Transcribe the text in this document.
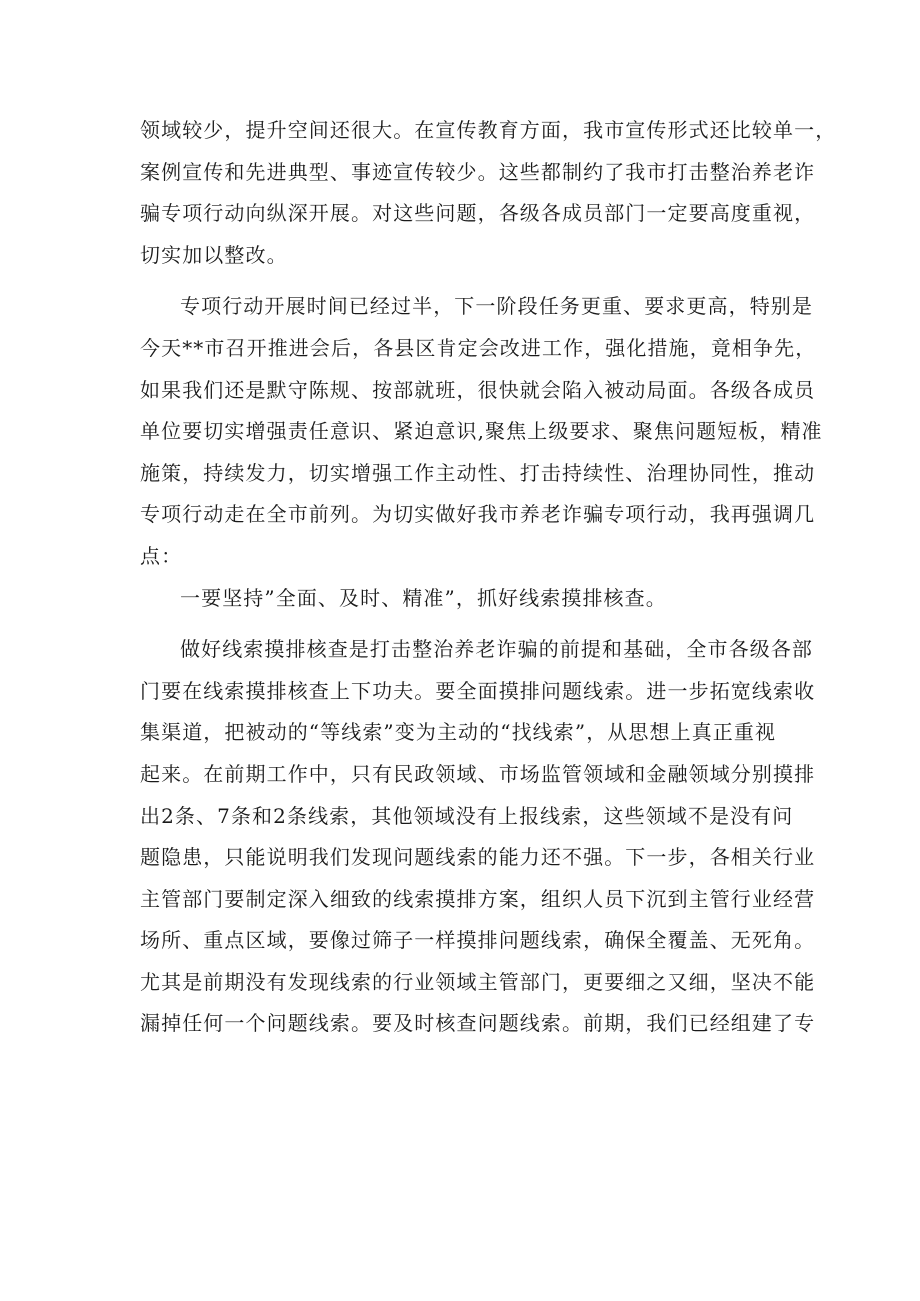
领域较少，提升空间还很大。在宣传教育方面，我市宣传形式还比较单一，
案例宣传和先进典型、事迹宣传较少。这些都制约了我市打击整治养老诈
骗专项行动向纵深开展。对这些问题，各级各成员部门一定要高度重视，
切实加以整改。
专项行动开展时间已经过半，下一阶段任务更重、要求更高，特别是
今天**市召开推进会后，各县区肯定会改进工作，强化措施，竟相争先，
如果我们还是默守陈规、按部就班，很快就会陷入被动局面。各级各成员
单位要切实增强责任意识、紧迫意识,聚焦上级要求、聚焦问题短板，精准
施策，持续发力，切实增强工作主动性、打击持续性、治理协同性，推动
专项行动走在全市前列。为切实做好我市养老诈骗专项行动，我再强调几
点：
一要坚持”全面、及时、精准”，抓好线索摸排核查。
做好线索摸排核查是打击整治养老诈骗的前提和基础，全市各级各部
门要在线索摸排核查上下功夫。要全面摸排问题线索。进一步拓宽线索收
集渠道，把被动的“等线索”变为主动的“找线索”，从思想上真正重视
起来。在前期工作中，只有民政领域、市场监管领域和金融领域分别摸排
出2条、7条和2条线索，其他领域没有上报线索，这些领域不是没有问
题隐患，只能说明我们发现问题线索的能力还不强。下一步，各相关行业
主管部门要制定深入细致的线索摸排方案，组织人员下沉到主管行业经营
场所、重点区域，要像过筛子一样摸排问题线索，确保全覆盖、无死角。
尤其是前期没有发现线索的行业领域主管部门，更要细之又细，坚决不能
漏掉任何一个问题线索。要及时核查问题线索。前期，我们已经组建了专
